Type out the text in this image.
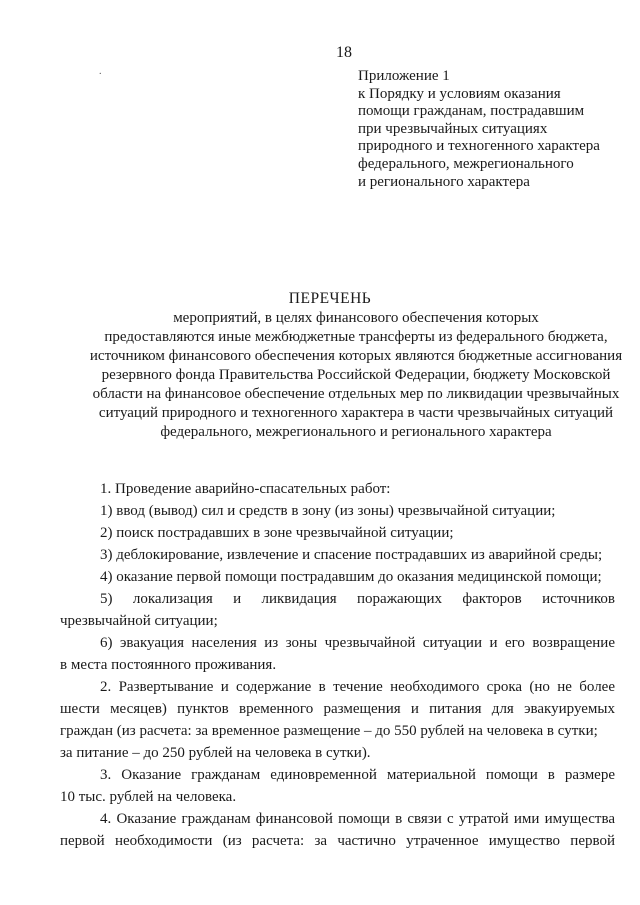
18
.	Приложение 1
к Порядку и условиям оказания
помощи гражданам, пострадавшим
при чрезвычайных ситуациях
природного и техногенного характера
федерального, межрегионального
и регионального характера
ПЕРЕЧЕНЬ
мероприятий, в целях финансового обеспечения которых
предоставляются иные межбюджетные трансферты из федерального бюджета,
источником финансового обеспечения которых являются бюджетные ассигнования
резервного фонда Правительства Российской Федерации, бюджету Московской
области на финансовое обеспечение отдельных мер по ликвидации чрезвычайных
ситуаций природного и техногенного характера в части чрезвычайных ситуаций
федерального, межрегионального и регионального характера
1. Проведение аварийно-спасательных работ:
1) ввод (вывод) сил и средств в зону (из зоны) чрезвычайной ситуации;
2) поиск пострадавших в зоне чрезвычайной ситуации;
3) деблокирование, извлечение и спасение пострадавших из аварийной среды;
4) оказание первой помощи пострадавшим до оказания медицинской помощи;
5) локализация и ликвидация поражающих факторов источников
чрезвычайной ситуации;
6) эвакуация населения из зоны чрезвычайной ситуации и его возвращение
в места постоянного проживания.
2. Развертывание и содержание в течение необходимого срока (но не более
шести месяцев) пунктов временного размещения и питания для эвакуируемых
граждан (из расчета: за временное размещение – до 550 рублей на человека в сутки;
за питание – до 250 рублей на человека в сутки).
3. Оказание гражданам единовременной материальной помощи в размере
10 тыс. рублей на человека.
4. Оказание гражданам финансовой помощи в связи с утратой ими имущества
первой необходимости (из расчета: за частично утраченное имущество первой
